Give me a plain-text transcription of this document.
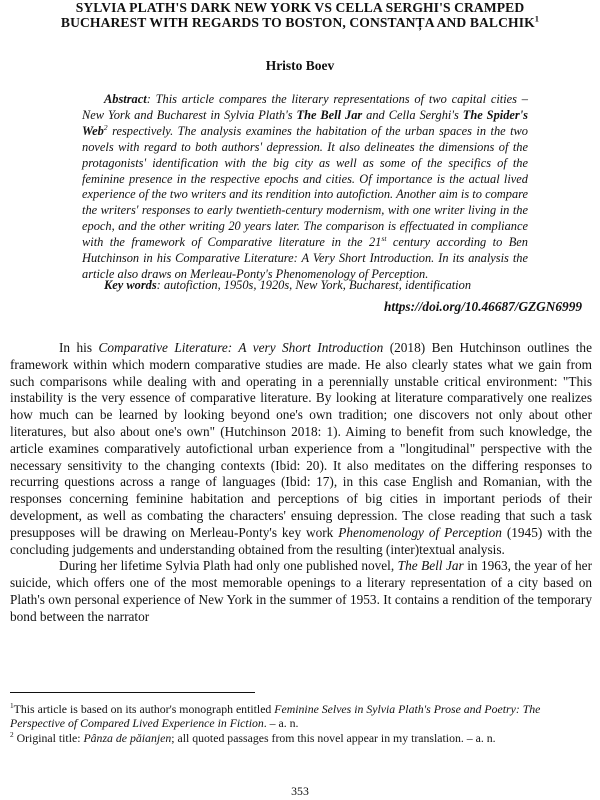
SYLVIA PLATH'S DARK NEW YORK VS CELLA SERGHI'S CRAMPED
BUCHAREST WITH REGARDS TO BOSTON, CONSTANȚA AND BALCHIK$^1$
Hristo Boev

Abstract: This article compares the literary representations of two capital cities – New York and Bucharest in Sylvia Plath's The Bell Jar and Cella Serghi's The Spider's Web$^2$ respectively. The analysis examines the habitation of the urban spaces in the two novels with regard to both authors' depression. It also delineates the dimensions of the protagonists' identification with the big city as well as some of the specifics of the feminine presence in the respective epochs and cities. Of importance is the actual lived experience of the two writers and its rendition into autofiction. Another aim is to compare the writers' responses to early twentieth-century modernism, with one writer living in the epoch, and the other writing 20 years later. The comparison is effectuated in compliance with the framework of Comparative literature in the 21st century according to Ben Hutchinson in his Comparative Literature: A Very Short Introduction. In its analysis the article also draws on Merleau-Ponty's Phenomenology of Perception.

Key words: autofiction, 1950s, 1920s, New York, Bucharest, identification
https://doi.org/10.46687/GZGN6999

In his Comparative Literature: A very Short Introduction (2018) Ben Hutchinson outlines the framework within which modern comparative studies are made. He also clearly states what we gain from such comparisons while dealing with and operating in a perennially unstable critical environment: "This instability is the very essence of comparative literature. By looking at literature comparatively one realizes how much can be learned by looking beyond one's own tradition; one discovers not only about other literatures, but also about one's own" (Hutchinson 2018: 1). Aiming to benefit from such knowledge, the article examines comparatively autofictional urban experience from a "longitudinal" perspective with the necessary sensitivity to the changing contexts (Ibid: 20). It also meditates on the differing responses to recurring questions across a range of languages (Ibid: 17), in this case English and Romanian, with the responses concerning feminine habitation and perceptions of big cities in important periods of their development, as well as combating the characters' ensuing depression. The close reading that such a task presupposes will be drawing on Merleau-Ponty's key work Phenomenology of Perception (1945) with the concluding judgements and understanding obtained from the resulting (inter)textual analysis.

During her lifetime Sylvia Plath had only one published novel, The Bell Jar in 1963, the year of her suicide, which offers one of the most memorable openings to a literary representation of a city based on Plath's own personal experience of New York in the summer of 1953. It contains a rendition of the temporary bond between the narrator

$^1$This article is based on its author's monograph entitled Feminine Selves in Sylvia Plath's Prose and Poetry: The Perspective of Compared Lived Experience in Fiction. – a. n.

$^2$ Original title: Pânza de păianjen; all quoted passages from this novel appear in my translation. – a. n.

353
